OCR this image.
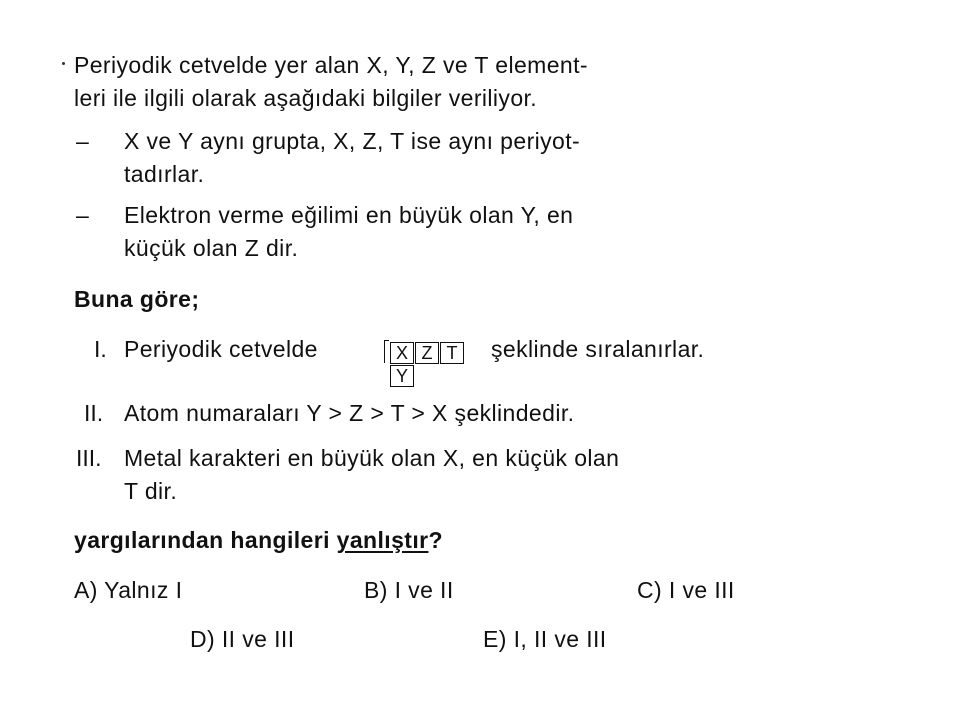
Periyodik cetvelde yer alan X, Y, Z ve T element-
leri ile ilgili olarak aşağıdaki bilgiler veriliyor.
– X ve Y aynı grupta, X, Z, T ise aynı periyot-
tadırlar.
– Elektron verme eğilimi en büyük olan Y, en
küçük olan Z dir.
Buna göre;
I. Periyodik cetvelde	X Z T
Y
şeklinde sıralanırlar.
II. Atom numaraları Y > Z > T > X şeklindedir.
III. Metal karakteri en büyük olan X, en küçük olan
T dir.
yargılarından hangileri yanlıştır?
A) Yalnız I	B) I ve II	C) I ve III
D) II ve III	E) I, II ve III
